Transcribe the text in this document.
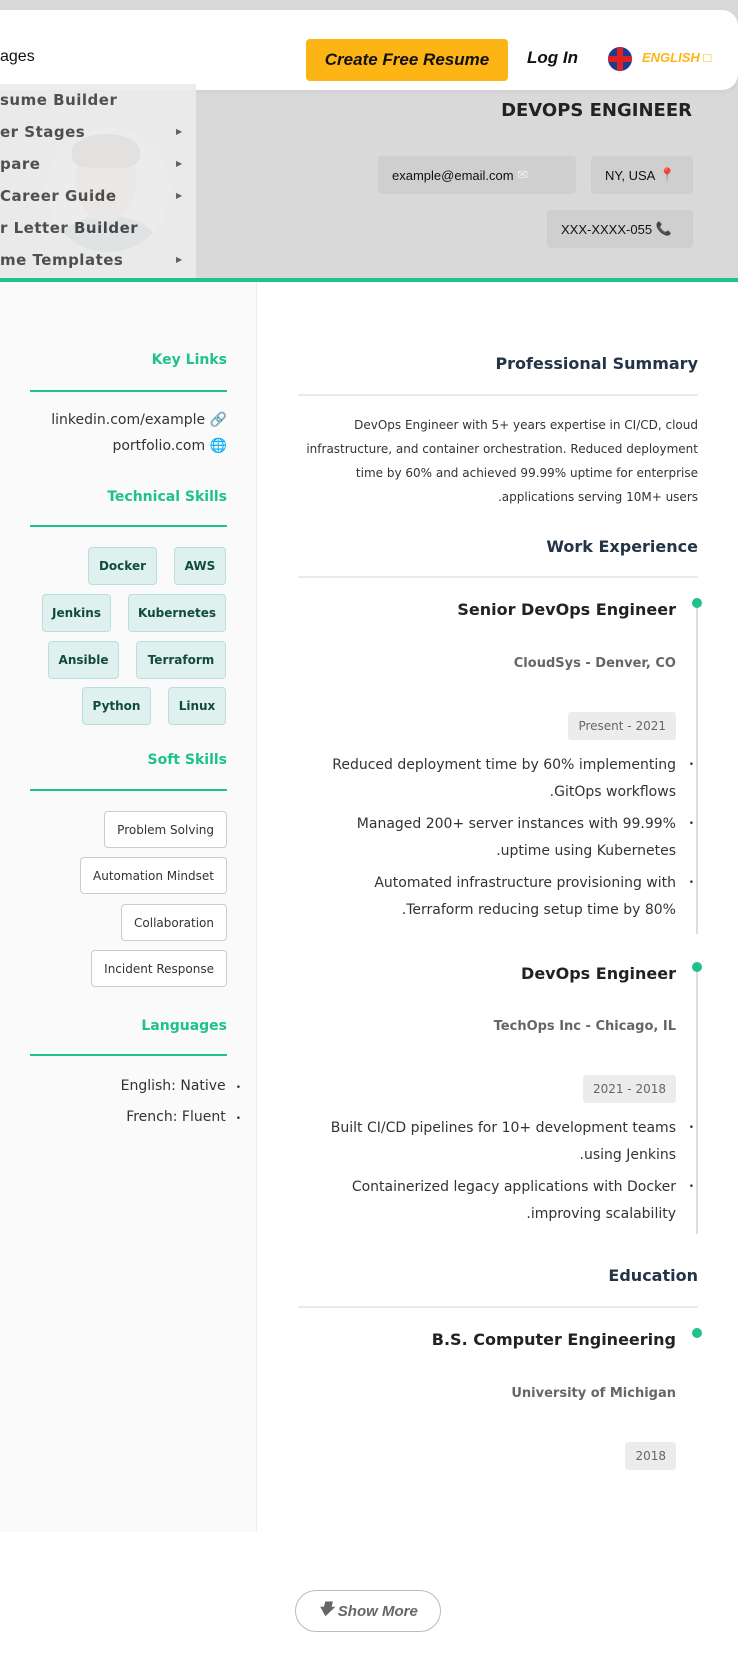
ages	Create Free Resume	Log In	ENGLISH □
DEVOPS ENGINEER
example@email.com
✉	NY, USA
📍
XXX-XXXX-055
📞
sume Builder
er Stages	▶
pare	▶
Career Guide	▶
r Letter Builder
me Templates	▶
Key Links
linkedin.com/example 🔗
portfolio.com 🌐
Technical Skills
Docker	AWS
Jenkins	Kubernetes
Ansible	Terraform
Python	Linux
Soft Skills
Problem Solving
Automation Mindset
Collaboration
Incident Response
Languages
English: Native •
French: Fluent •
Professional Summary
DevOps Engineer with 5+ years expertise in CI/CD, cloud infrastructure, and container orchestration. Reduced deployment time by 60% and achieved 99.99% uptime for enterprise applications serving 10M+ users.
Work Experience
Senior DevOps Engineer
CloudSys - Denver, CO
Present - 2021
• Reduced deployment time by 60% implementing GitOps workflows.
• Managed 200+ server instances with 99.99% uptime using Kubernetes.
• Automated infrastructure provisioning with Terraform reducing setup time by 80%.
DevOps Engineer
TechOps Inc - Chicago, IL
2021 - 2018
• Built CI/CD pipelines for 10+ development teams using Jenkins.
• Containerized legacy applications with Docker improving scalability.
Education
B.S. Computer Engineering
University of Michigan
2018
🡇 Show More
